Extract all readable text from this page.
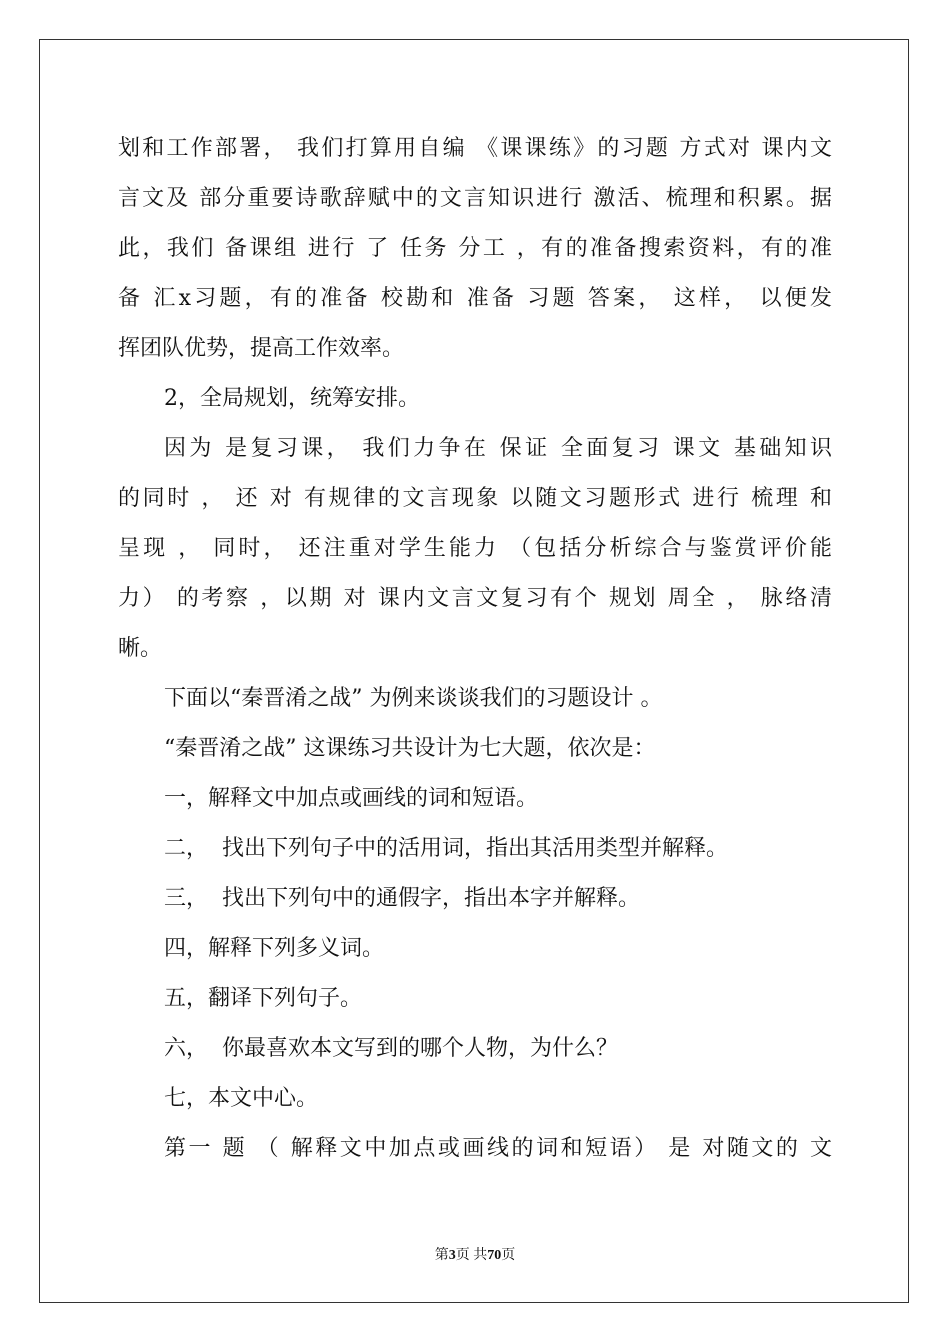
划和工作部署， 我们打算用自编 《课课练》的习题 方式对 课内文

言文及 部分重要诗歌辞赋中的文言知识进行 激活、梳理和积累。据

此，我们 备课组 进行 了 任务 分工 ，有的准备搜索资料，有的准

备 汇x习题，有的准备 校勘和 准备 习题 答案， 这样， 以便发

挥团队优势，提高工作效率。

2，全局规划，统筹安排。

因为 是复习课， 我们力争在 保证 全面复习 课文 基础知识

的同时 ， 还 对 有规律的文言现象 以随文习题形式 进行 梳理 和

呈现 ， 同时， 还注重对学生能力 （包括分析综合与鉴赏评价能

力） 的考察 ，以期 对 课内文言文复习有个 规划 周全 ， 脉络清

晰。

下面以“秦晋淆之战” 为例来谈谈我们的习题设计 。

“秦晋淆之战” 这课练习共设计为七大题，依次是：

一，解释文中加点或画线的词和短语。

二，  找出下列句子中的活用词，指出其活用类型并解释。

三，  找出下列句中的通假字，指出本字并解释。

四，解释下列多义词。

五，翻译下列句子。

六，  你最喜欢本文写到的哪个人物，为什么？

七，本文中心。

第一 题 （ 解释文中加点或画线的词和短语） 是 对随文的 文

第3页 共70页
